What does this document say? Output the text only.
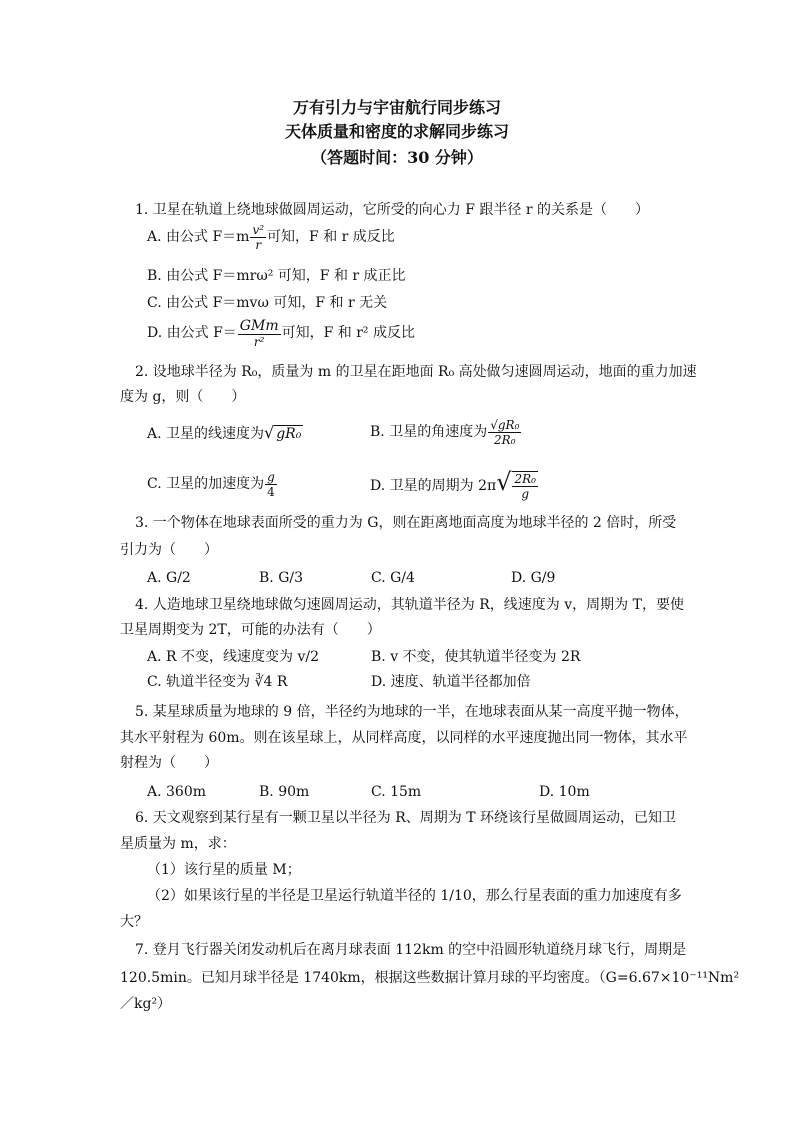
万有引力与宇宙航行同步练习
天体质量和密度的求解同步练习
（答题时间：30 分钟）
1. 卫星在轨道上绕地球做圆周运动，它所受的向心力 F 跟半径 r 的关系是（　　）
A. 由公式 $F=m \frac{\text{v²}}{r}$ 可知，F 和 r 成反比
B. 由公式 F＝mrω² 可知，F 和 r 成正比
C. 由公式 F＝mvω 可知，F 和 r 无关
D. 由公式 $F= \frac{\text{GMm}}{\text{r²}}$ 可知，F 和 r² 成反比
2. 设地球半径为 R₀，质量为 m 的卫星在距地面 R₀ 高处做匀速圆周运动，地面的重力加速
度为 g，则（　　）
A. 卫星的线速度为√ gR₀	B. 卫星的角速度为 $\frac{\text{√gR₀}}{\text{2R₀}}$
C. 卫星的加速度为 $\frac{g}{4}$	D. 卫星的周期为 $2\pi√ \frac{\text{2R₀}}{g}$
3. 一个物体在地球表面所受的重力为 G，则在距离地面高度为地球半径的 2 倍时，所受
引力为（　　）
A. G/2	B. G/3	C. G/4	D. G/9
4. 人造地球卫星绕地球做匀速圆周运动，其轨道半径为 R，线速度为 v，周期为 T，要使
卫星周期变为 2T，可能的办法有（　　）
A. R 不变，线速度变为 v/2	B. v 不变，使其轨道半径变为 2R
C. 轨道半径变为 ∛4 R	D. 速度、轨道半径都加倍
5. 某星球质量为地球的 9 倍，半径约为地球的一半，在地球表面从某一高度平抛一物体，
其水平射程为 60m。则在该星球上，从同样高度，以同样的水平速度抛出同一物体，其水平
射程为（　　）
A. 360m	B. 90m	C. 15m	D. 10m
6. 天文观察到某行星有一颗卫星以半径为 R、周期为 T 环绕该行星做圆周运动，已知卫
星质量为 m，求：
（1）该行星的质量 M；
（2）如果该行星的半径是卫星运行轨道半径的 1/10，那么行星表面的重力加速度有多
大？
7. 登月飞行器关闭发动机后在离月球表面 112km 的空中沿圆形轨道绕月球飞行，周期是
120.5min。已知月球半径是 1740km，根据这些数据计算月球的平均密度。（G=6.67×10⁻¹¹Nm²
／kg²）
